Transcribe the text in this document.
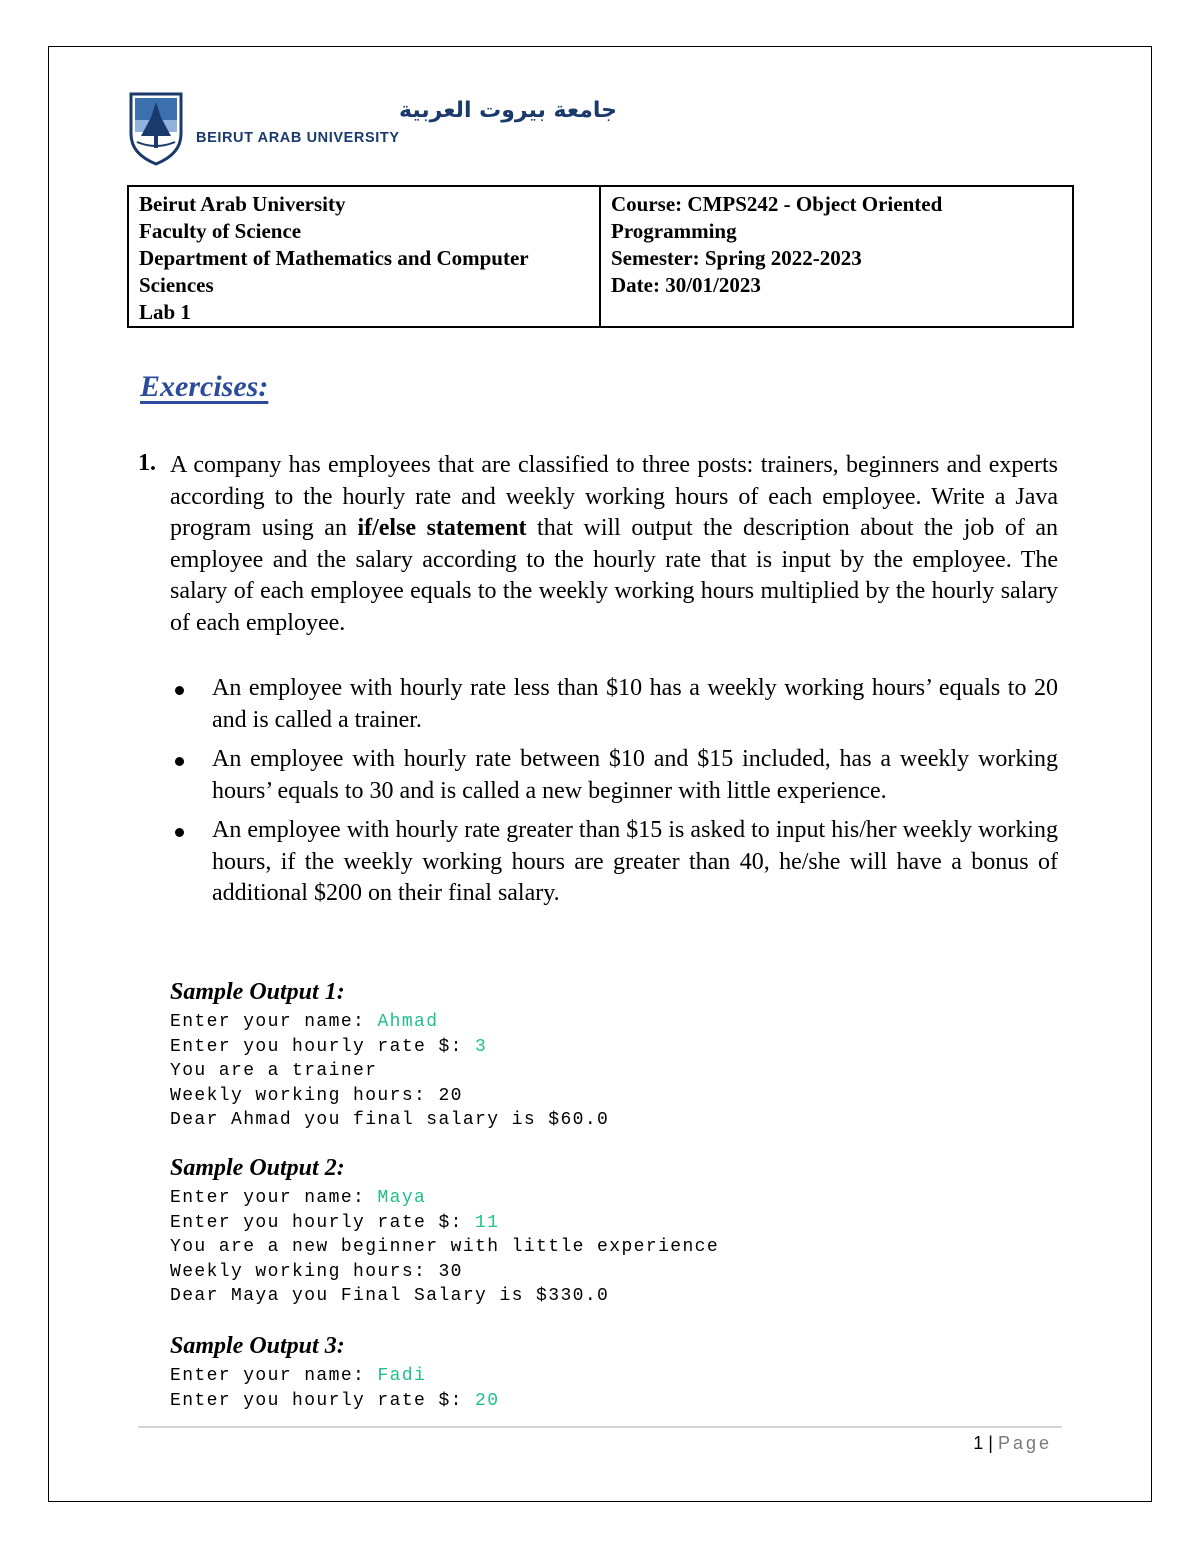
جامعة بيروت العربية
BEIRUT ARAB UNIVERSITY
Beirut Arab University
Faculty of Science
Department of Mathematics and Computer Sciences
Lab 1
Course: CMPS242 - Object Oriented Programming
Semester: Spring 2022-2023
Date: 30/01/2023
Exercises:
1. A company has employees that are classified to three posts: trainers, beginners and experts according to the hourly rate and weekly working hours of each employee. Write a Java program using an if/else statement that will output the description about the job of an employee and the salary according to the hourly rate that is input by the employee. The salary of each employee equals to the weekly working hours multiplied by the hourly salary of each employee.
An employee with hourly rate less than $10 has a weekly working hours’ equals to 20 and is called a trainer.
An employee with hourly rate between $10 and $15 included, has a weekly working hours’ equals to 30 and is called a new beginner with little experience.
An employee with hourly rate greater than $15 is asked to input his/her weekly working hours, if the weekly working hours are greater than 40, he/she will have a bonus of additional $200 on their final salary.
Sample Output 1:
Enter your name: Ahmad
Enter you hourly rate $: 3
You are a trainer
Weekly working hours: 20
Dear Ahmad you final salary is $60.0
Sample Output 2:
Enter your name: Maya
Enter you hourly rate $: 11
You are a new beginner with little experience
Weekly working hours: 30
Dear Maya you Final Salary is $330.0
Sample Output 3:
Enter your name: Fadi
Enter you hourly rate $: 20
1 | Page
